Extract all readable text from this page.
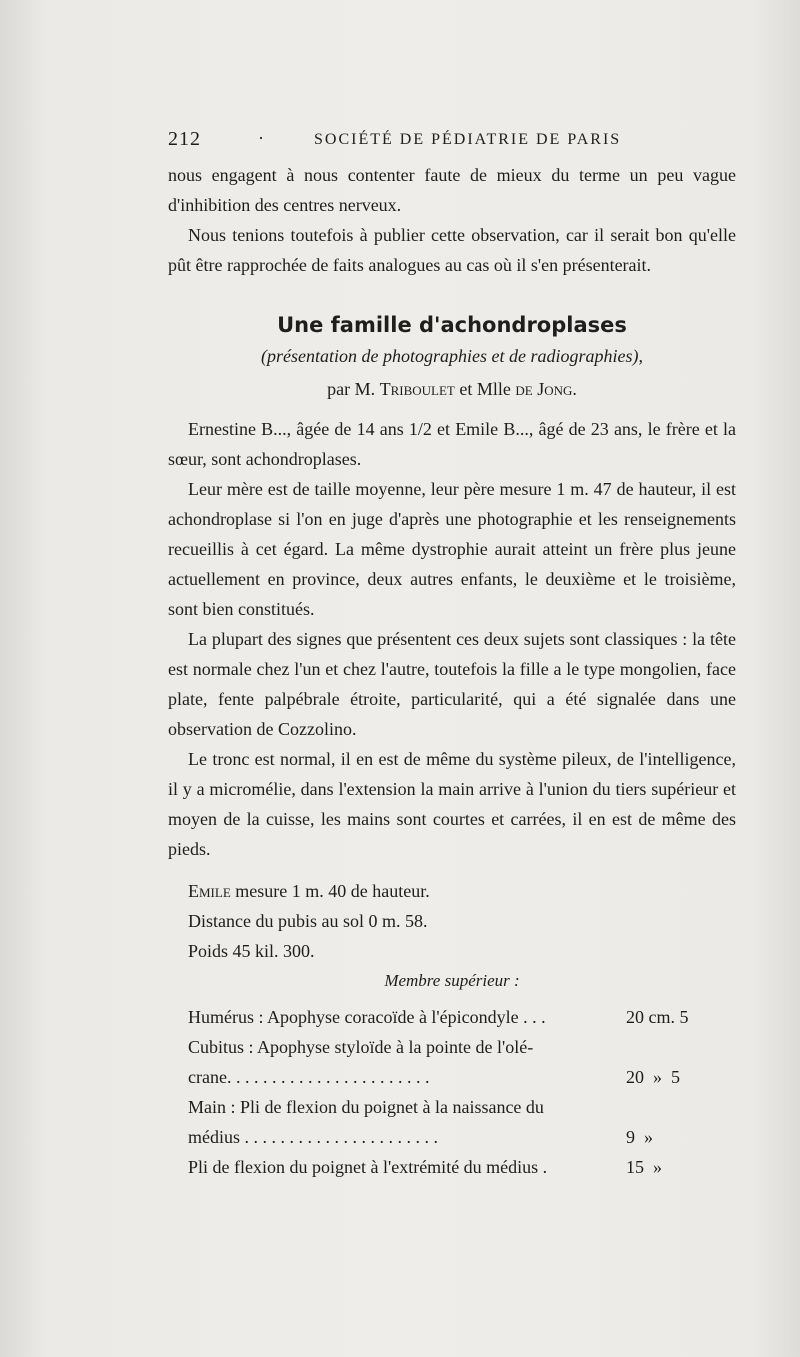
212	·	SOCIÉTÉ DE PÉDIATRIE DE PARIS

nous engagent à nous contenter faute de mieux du terme un peu vague d'inhibition des centres nerveux.

Nous tenions toutefois à publier cette observation, car il serait bon qu'elle pût être rapprochée de faits analogues au cas où il s'en présenterait.

Une famille d'achondroplases
(présentation de photographies et de radiographies),
par M. Triboulet et Mlle de Jong.

Ernestine B..., âgée de 14 ans 1/2 et Emile B..., âgé de 23 ans, le frère et la sœur, sont achondroplases.

Leur mère est de taille moyenne, leur père mesure 1 m. 47 de hauteur, il est achondroplase si l'on en juge d'après une photographie et les renseignements recueillis à cet égard. La même dystrophie aurait atteint un frère plus jeune actuellement en province, deux autres enfants, le deuxième et le troisième, sont bien constitués.

La plupart des signes que présentent ces deux sujets sont classiques : la tête est normale chez l'un et chez l'autre, toutefois la fille a le type mongolien, face plate, fente palpébrale étroite, particularité, qui a été signalée dans une observation de Cozzolino.

Le tronc est normal, il en est de même du système pileux, de l'intelligence, il y a micromélie, dans l'extension la main arrive à l'union du tiers supérieur et moyen de la cuisse, les mains sont courtes et carrées, il en est de même des pieds.

Emile mesure 1 m. 40 de hauteur.

Distance du pubis au sol 0 m. 58.

Poids 45 kil. 300.

Membre supérieur :
Humérus : Apophyse coracoïde à l'épicondyle . . .	20 cm. 5
Cubitus : Apophyse styloïde à la pointe de l'olé-
crane. . . . . . . . . . . . . . . . . . . . . . .	20  »  5
Main : Pli de flexion du poignet à la naissance du
médius . . . . . . . . . . . . . . . . . . . . . .	9  »
Pli de flexion du poignet à l'extrémité du médius .	15  »
